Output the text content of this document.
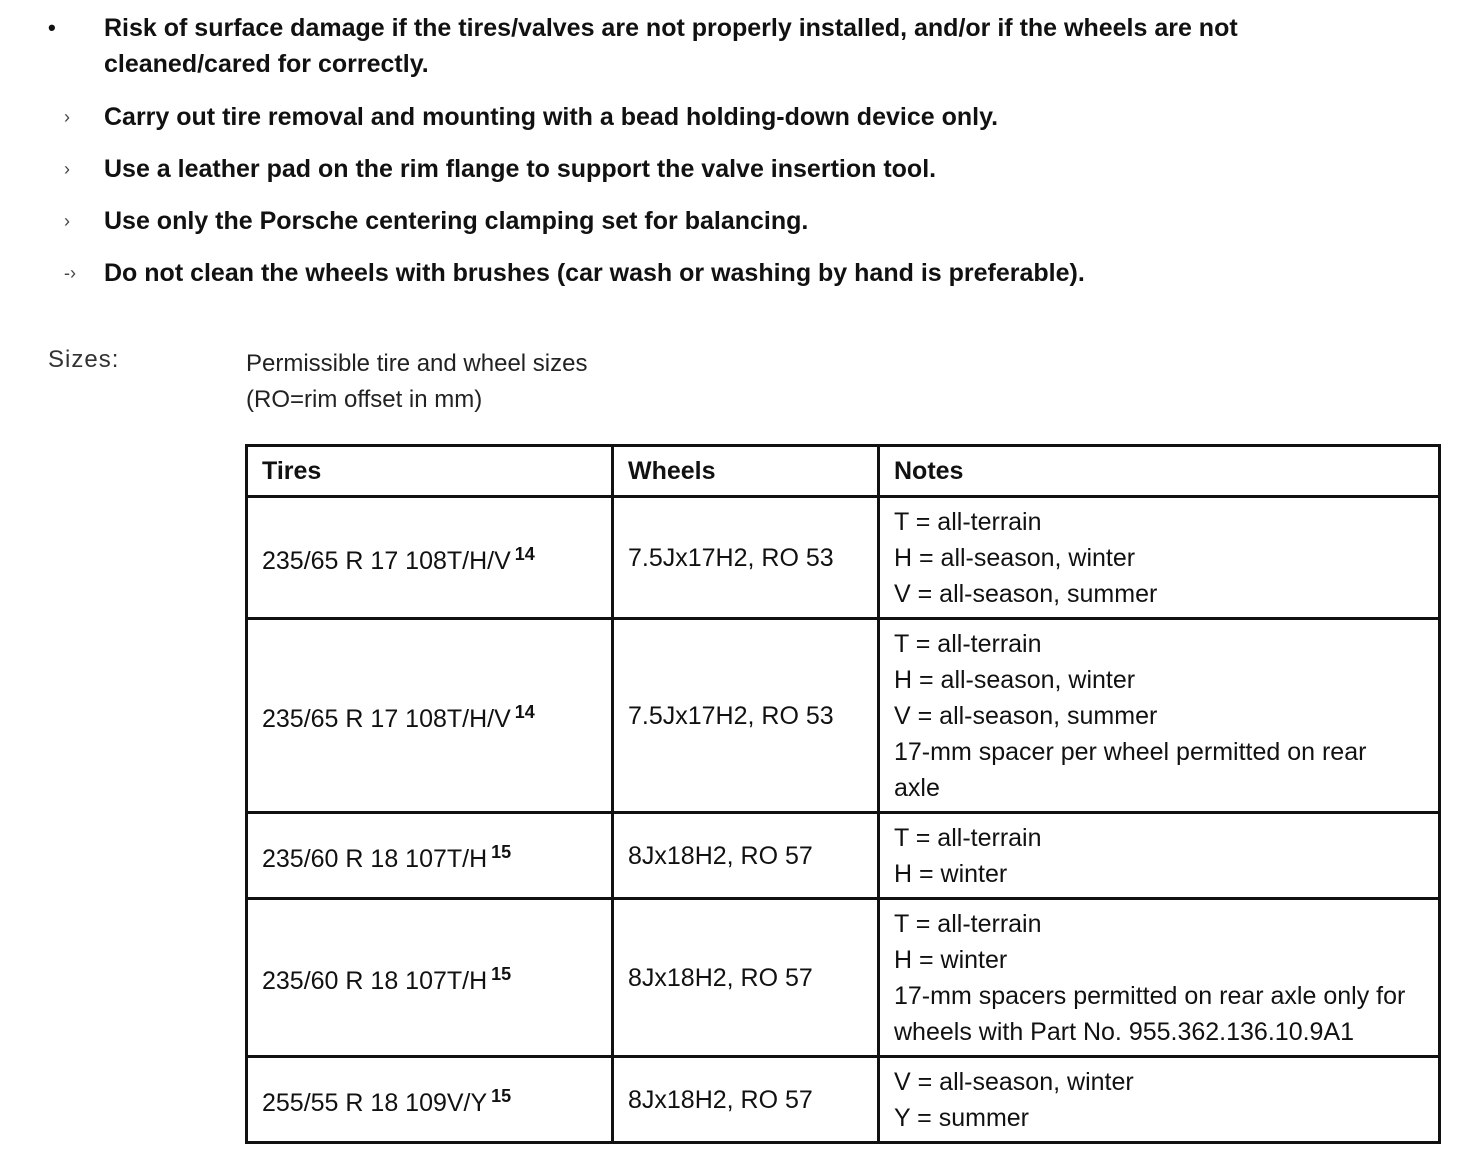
• Risk of surface damage if the tires/valves are not properly installed, and/or if the wheels are not
cleaned/cared for correctly.
› Carry out tire removal and mounting with a bead holding-down device only.
› Use a leather pad on the rim flange to support the valve insertion tool.
› Use only the Porsche centering clamping set for balancing.
-› Do not clean the wheels with brushes (car wash or washing by hand is preferable).
Sizes:	Permissible tire and wheel sizes
(RO=rim offset in mm)
Tires	Wheels	Notes
235/65 R 17 108T/H/V $^{14}$	7.5Jx17H2, RO 53	T = all-terrain
H = all-season, winter
V = all-season, summer

235/65 R 17 108T/H/V $^{14}$	7.5Jx17H2, RO 53	T = all-terrain
H = all-season, winter
V = all-season, summer
17-mm spacer per wheel permitted on rear
axle

235/60 R 18 107T/H $^{15}$	8Jx18H2, RO 57	T = all-terrain
H = winter

235/60 R 18 107T/H $^{15}$	8Jx18H2, RO 57	T = all-terrain
H = winter
17-mm spacers permitted on rear axle only for
wheels with Part No. 955.362.136.10.9A1

255/55 R 18 109V/Y $^{15}$	8Jx18H2, RO 57	V = all-season, winter
Y = summer
